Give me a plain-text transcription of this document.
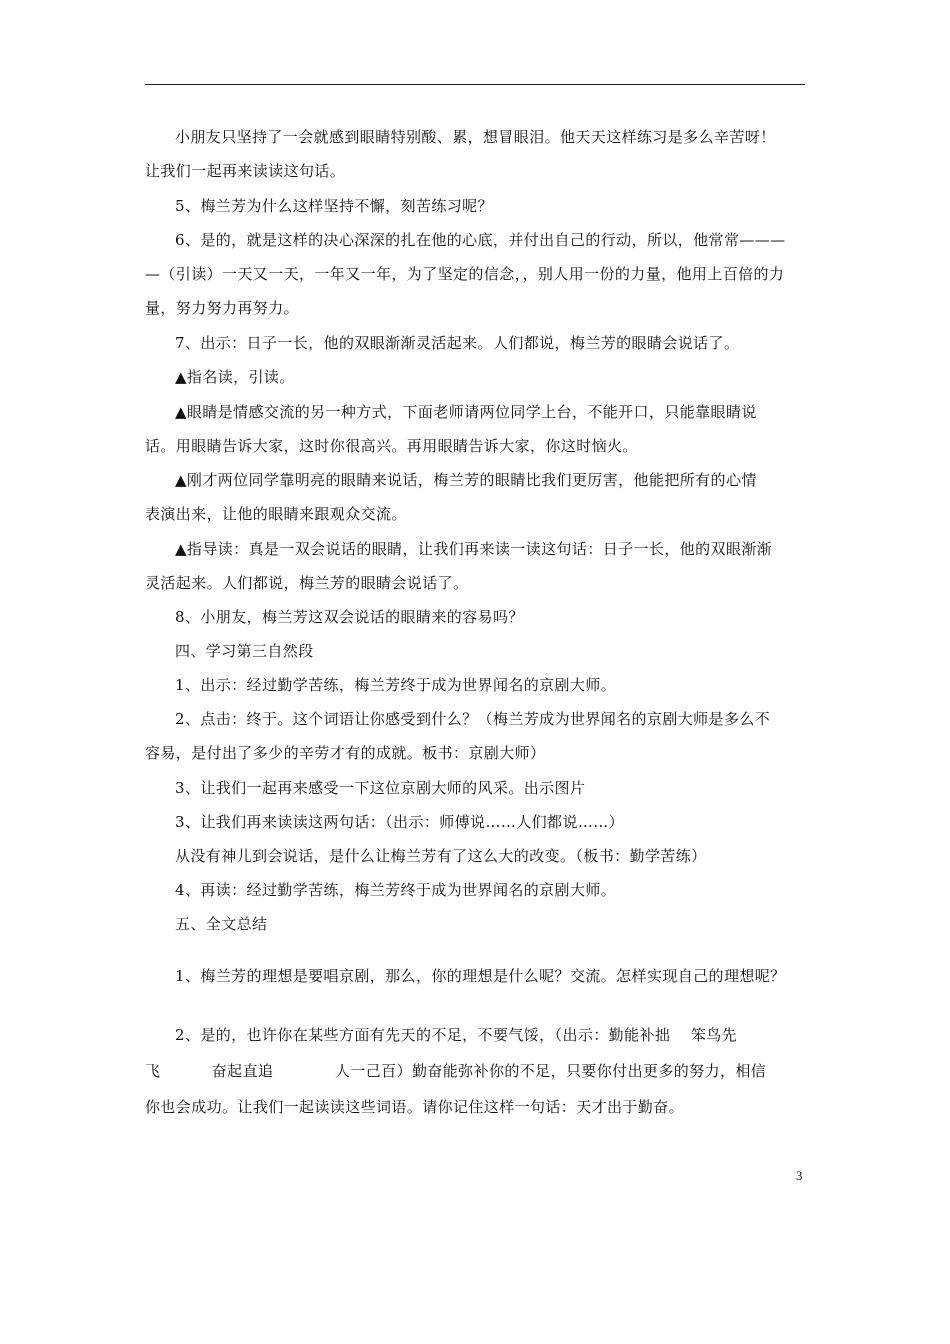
小朋友只坚持了一会就感到眼睛特别酸、累，想冒眼泪。他天天这样练习是多么辛苦呀！
让我们一起再来读读这句话。

5、梅兰芳为什么这样坚持不懈，刻苦练习呢？

6、是的，就是这样的决心深深的扎在他的心底，并付出自己的行动，所以，他常常———
—（引读）一天又一天，一年又一年，为了坚定的信念，，别人用一份的力量，他用上百倍的力
量，努力努力再努力。

7、出示：日子一长，他的双眼渐渐灵活起来。人们都说，梅兰芳的眼睛会说话了。

▲指名读，引读。

▲眼睛是情感交流的另一种方式，下面老师请两位同学上台，不能开口，只能靠眼睛说
话。用眼睛告诉大家，这时你很高兴。再用眼睛告诉大家，你这时恼火。

▲刚才两位同学靠明亮的眼睛来说话，梅兰芳的眼睛比我们更厉害，他能把所有的心情
表演出来，让他的眼睛来跟观众交流。

▲指导读：真是一双会说话的眼睛，让我们再来读一读这句话：日子一长，他的双眼渐渐
灵活起来。人们都说，梅兰芳的眼睛会说话了。

8、小朋友，梅兰芳这双会说话的眼睛来的容易吗？

四、学习第三自然段

1、出示：经过勤学苦练，梅兰芳终于成为世界闻名的京剧大师。

2、点击：终于。这个词语让你感受到什么？（梅兰芳成为世界闻名的京剧大师是多么不
容易，是付出了多少的辛劳才有的成就。板书：京剧大师）

3、让我们一起再来感受一下这位京剧大师的风采。出示图片

3、让我们再来读读这两句话：（出示：师傅说……人们都说……）

从没有神儿到会说话，是什么让梅兰芳有了这么大的改变。（板书：勤学苦练）

4、再读：经过勤学苦练，梅兰芳终于成为世界闻名的京剧大师。

五、全文总结

1、梅兰芳的理想是要唱京剧，那么，你的理想是什么呢？交流。怎样实现自己的理想呢？

2、是的，也许你在某些方面有先天的不足，不要气馁，（出示：勤能补拙　 笨鸟先
飞　　　 奋起直追　　　　人一己百）勤奋能弥补你的不足，只要你付出更多的努力，相信
你也会成功。让我们一起读读这些词语。请你记住这样一句话：天才出于勤奋。

3
